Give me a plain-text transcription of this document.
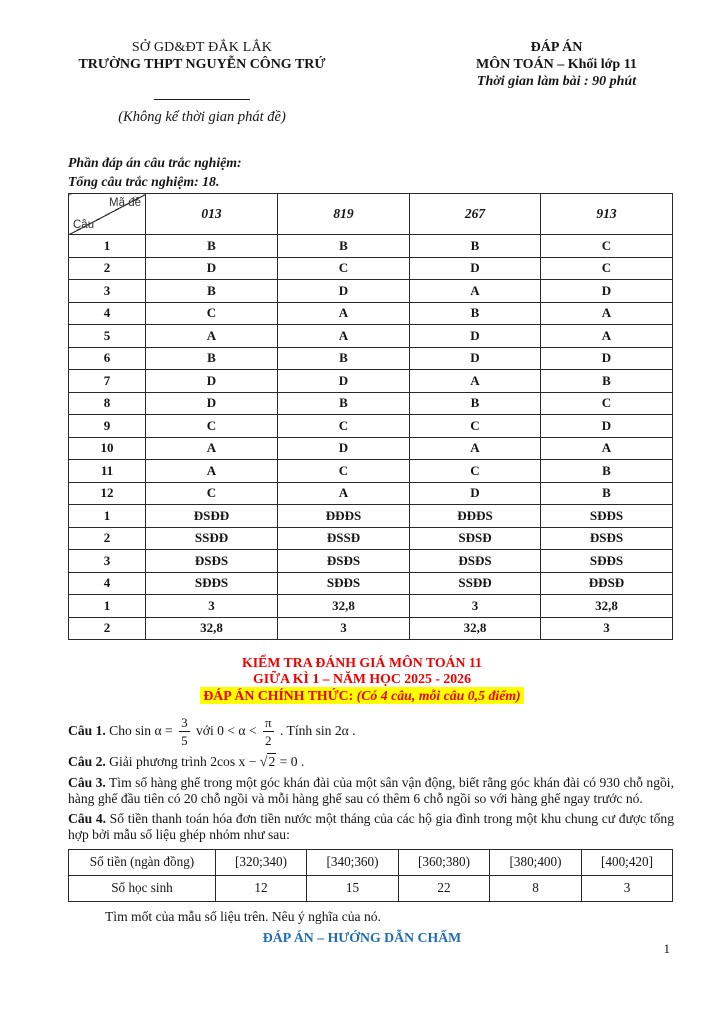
SỞ GD&ĐT ĐẮK LẮK
TRƯỜNG THPT NGUYỄN CÔNG TRỨ
(Không kể thời gian phát đề)
ĐÁP ÁN
MÔN TOÁN – Khối lớp 11
Thời gian làm bài : 90 phút
Phần đáp án câu trắc nghiệm:
Tổng câu trắc nghiệm: 18.
Mã đề
Câu	013	819	267	913
1	B	B	B	C
2	D	C	D	C
3	B	D	A	D
4	C	A	B	A
5	A	A	D	A
6	B	B	D	D
7	D	D	A	B
8	D	B	B	C
9	C	C	C	D
10	A	D	A	A
11	A	C	C	B
12	C	A	D	B
1	ĐSĐĐ	ĐĐĐS	ĐĐĐS	SĐĐS
2	SSĐĐ	ĐSSĐ	SĐSĐ	ĐSĐS
3	ĐSĐS	ĐSĐS	ĐSĐS	SĐĐS
4	SĐĐS	SĐĐS	SSĐĐ	ĐĐSĐ
1	3	32,8	3	32,8
2	32,8	3	32,8	3
KIỂM TRA ĐÁNH GIÁ MÔN TOÁN 11
GIỮA KÌ 1 – NĂM HỌC 2025 - 2026
ĐÁP ÁN CHÍNH THỨC: (Có 4 câu, mỗi câu 0,5 điểm)

Câu 1. Cho $\sin \alpha = \frac{3}{5}$ với $0 < \alpha < \frac{\pi}{2}$ . Tính sin 2α .

Câu 2. Giải phương trình 2cos x − √2 = 0 .

Câu 3. Tìm số hàng ghế trong một góc khán đài của một sân vận động, biết rằng góc khán đài có 930 chỗ ngồi, hàng ghế đầu tiên có 20 chỗ ngồi và mỗi hàng ghế sau có thêm 6 chỗ ngồi so với hàng ghế ngay trước nó.

Câu 4. Số tiền thanh toán hóa đơn tiền nước một tháng của các hộ gia đình trong một khu chung cư được tổng hợp bởi mẫu số liệu ghép nhóm như sau:

Số tiền (ngàn đồng)	[320;340)	[340;360)	[360;380)	[380;400)	[400;420]
Số học sinh	12	15	22	8	3
Tìm mốt của mẫu số liệu trên. Nêu ý nghĩa của nó.
ĐÁP ÁN – HƯỚNG DẪN CHẤM
1
